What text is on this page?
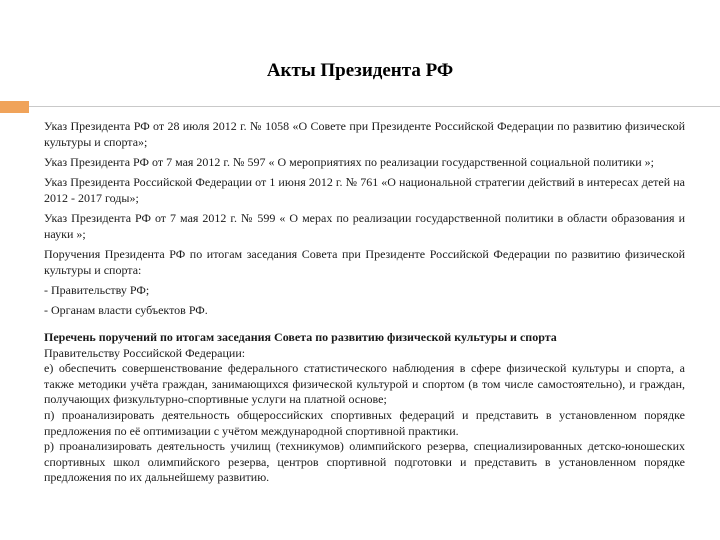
Акты Президента РФ

Указ Президента РФ от 28 июля 2012 г. № 1058 «О Совете при Президенте Российской Федерации по развитию физической культуры и спорта»;

Указ Президента РФ от 7 мая 2012 г. № 597 « О мероприятиях по реализации государственной социальной политики »;

Указ Президента Российской Федерации от 1 июня 2012 г. № 761 «О национальной стратегии действий в интересах детей на 2012 - 2017 годы»;

Указ Президента РФ от 7 мая 2012 г. № 599 « О мерах по реализации государственной политики в области образования и науки »;

Поручения Президента РФ по итогам заседания Совета при Президенте Российской Федерации по развитию физической культуры и спорта:

- Правительству РФ;

- Органам власти субъектов РФ.

Перечень поручений по итогам заседания Совета по развитию физической культуры и спорта

Правительству Российской Федерации:

е) обеспечить совершенствование федерального статистического наблюдения в сфере физической культуры и спорта, а также методики учёта граждан, занимающихся физической культурой и спортом (в том числе самостоятельно), и граждан, получающих физкультурно-спортивные услуги на платной основе;

п) проанализировать деятельность общероссийских спортивных федераций и представить в установленном порядке предложения по её оптимизации с учётом международной спортивной практики.

р) проанализировать деятельность училищ (техникумов) олимпийского резерва, специализированных детско-юношеских спортивных школ олимпийского резерва, центров спортивной подготовки и представить в установленном порядке предложения по их дальнейшему развитию.
